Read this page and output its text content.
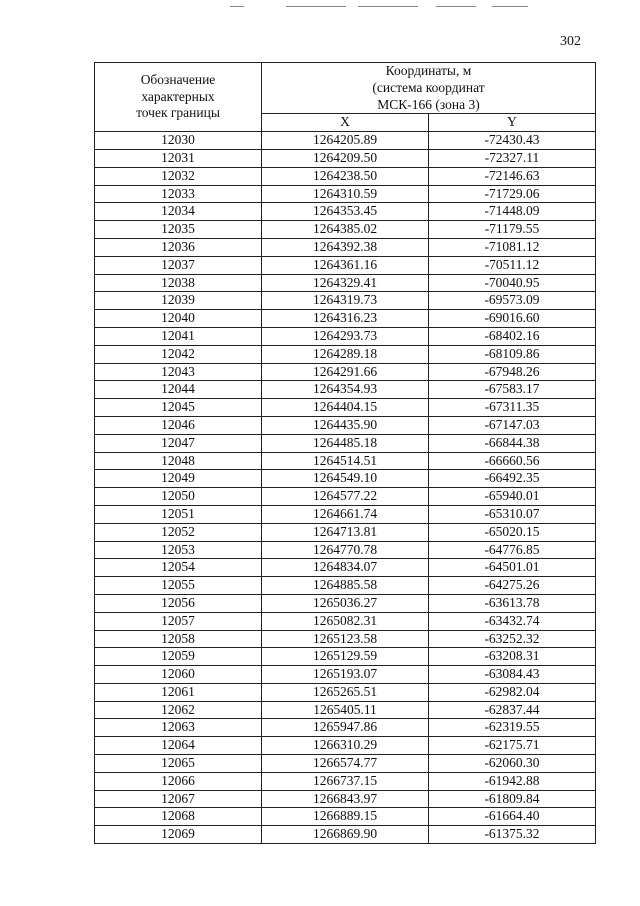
302
Обозначение
характерных
точек границы	Координаты, м
(система координат
МСК-166 (зона 3)	

	X	Y
12030	1264205.89	-72430.43
12031	1264209.50	-72327.11
12032	1264238.50	-72146.63
12033	1264310.59	-71729.06
12034	1264353.45	-71448.09
12035	1264385.02	-71179.55
12036	1264392.38	-71081.12
12037	1264361.16	-70511.12
12038	1264329.41	-70040.95
12039	1264319.73	-69573.09
12040	1264316.23	-69016.60
12041	1264293.73	-68402.16
12042	1264289.18	-68109.86
12043	1264291.66	-67948.26
12044	1264354.93	-67583.17
12045	1264404.15	-67311.35
12046	1264435.90	-67147.03
12047	1264485.18	-66844.38
12048	1264514.51	-66660.56
12049	1264549.10	-66492.35
12050	1264577.22	-65940.01
12051	1264661.74	-65310.07
12052	1264713.81	-65020.15
12053	1264770.78	-64776.85
12054	1264834.07	-64501.01
12055	1264885.58	-64275.26
12056	1265036.27	-63613.78
12057	1265082.31	-63432.74
12058	1265123.58	-63252.32
12059	1265129.59	-63208.31
12060	1265193.07	-63084.43
12061	1265265.51	-62982.04
12062	1265405.11	-62837.44
12063	1265947.86	-62319.55
12064	1266310.29	-62175.71
12065	1266574.77	-62060.30
12066	1266737.15	-61942.88
12067	1266843.97	-61809.84
12068	1266889.15	-61664.40
12069	1266869.90	-61375.32
